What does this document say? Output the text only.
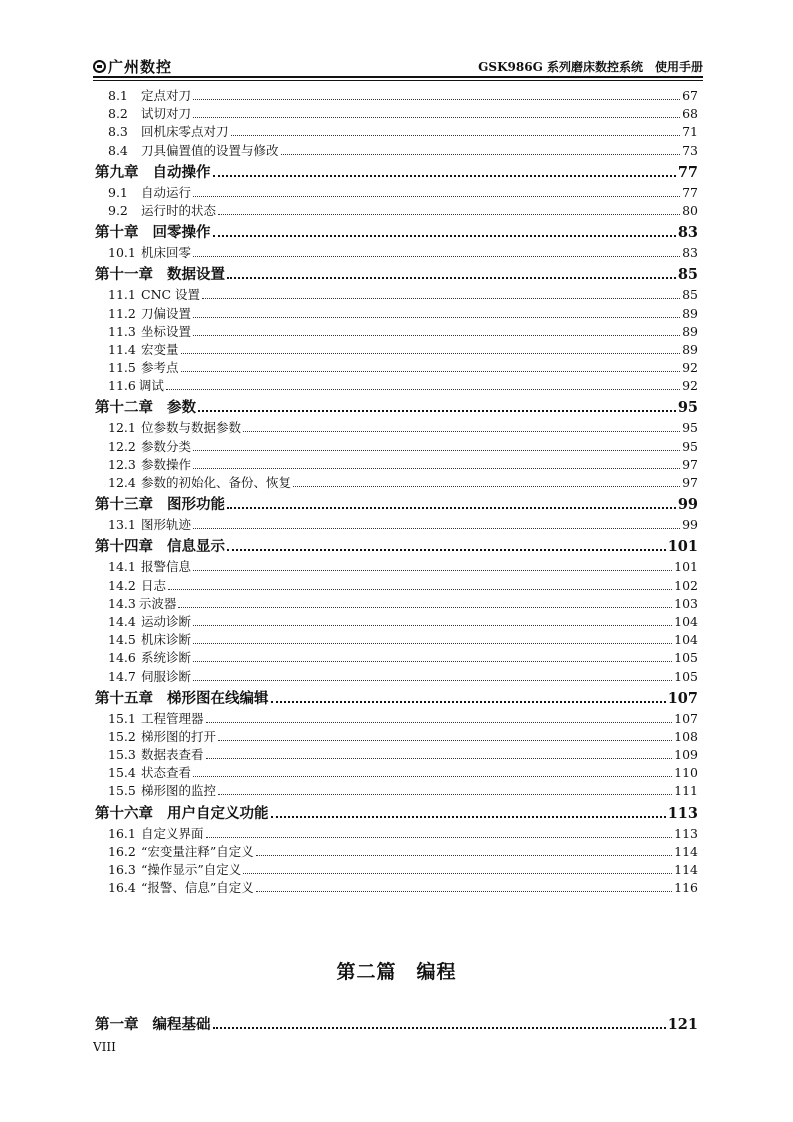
广州数控	GSK986G 系列磨床数控系统　使用手册
8.1	定点对刀	67
8.2	试切对刀	68
8.3	回机床零点对刀	71
8.4	刀具偏置值的设置与修改	73
第九章 自动操作	77
9.1	自动运行	77
9.2	运行时的状态	80
第十章 回零操作	83
10.1 机床回零	83
第十一章 数据设置	85
11.1 CNC 设置	85
11.2 刀偏设置	89
11.3 坐标设置	89
11.4 宏变量	89
11.5 参考点	92
11.6 调试	92
第十二章 参数	95
12.1 位参数与数据参数	95
12.2 参数分类	95
12.3 参数操作	97
12.4 参数的初始化、备份、恢复	97
第十三章 图形功能	99
13.1 图形轨迹	99
第十四章 信息显示	101
14.1 报警信息	101
14.2 日志	102
14.3 示波器	103
14.4 运动诊断	104
14.5 机床诊断	104
14.6 系统诊断	105
14.7 伺服诊断	105
第十五章 梯形图在线编辑	107
15.1 工程管理器	107
15.2 梯形图的打开	108
15.3 数据表查看	109
15.4 状态查看	110
15.5 梯形图的监控	111
第十六章 用户自定义功能	113
16.1 自定义界面	113
16.2 “宏变量注释”自定义	114
16.3 “操作显示”自定义	114
16.4 “报警、信息”自定义	116
第二篇 编程
第一章 编程基础	121
VIII
